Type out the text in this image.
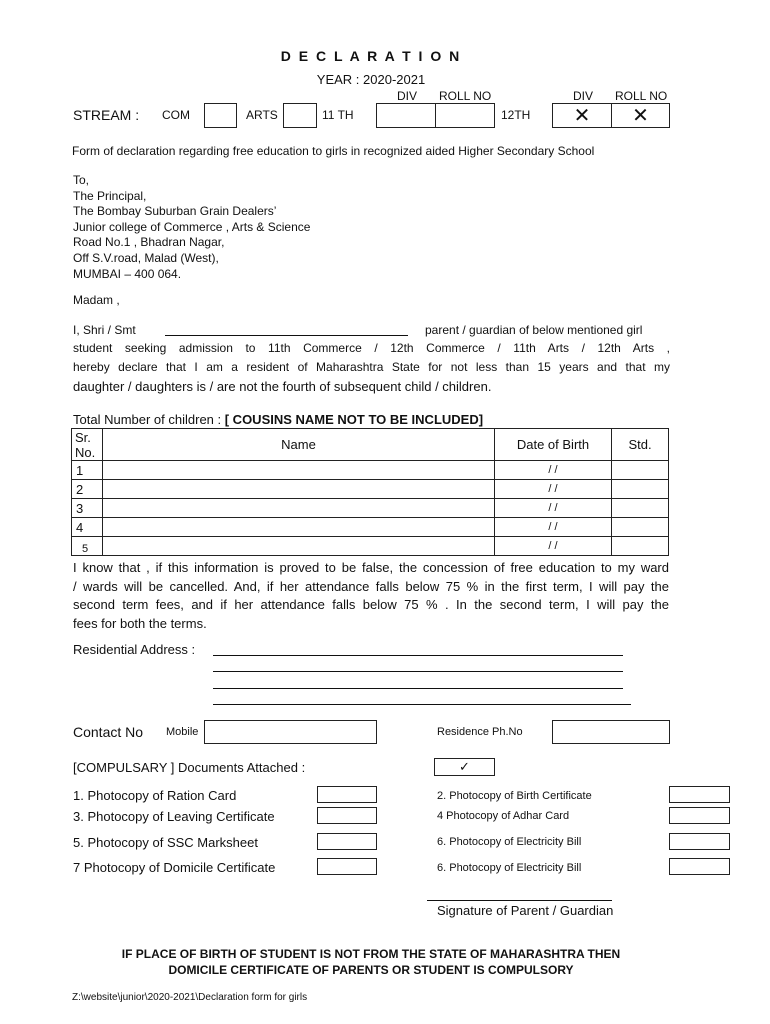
D E C L A R A T I O N
YEAR : 2020-2021
DIV ROLL NO	DIV ROLL NO
STREAM : COM	ARTS	11 TH	12TH ✕ ✕
Form of declaration regarding free education to girls in recognized aided Higher Secondary School
To,
The Principal,
The Bombay Suburban Grain Dealers’
Junior college of Commerce , Arts & Science
Road No.1 , Bhadran Nagar,
Off S.V.road, Malad (West),
MUMBAI – 400 064.
Madam ,
I, Shri / Smt	parent / guardian of below mentioned girl
student seeking admission to 11th Commerce / 12th Commerce / 11th Arts / 12th Arts ,
hereby declare that I am a resident of Maharashtra State for not less than 15 years and that my
daughter / daughters is / are not the fourth of subsequent child / children.
Total Number of children : [ COUSINS NAME NOT TO BE INCLUDED]
Sr.
No.	Name	Date of Birth	Std.
1		/ /	
2		/ /	
3		/ /	
4		/ /	
5		/ /	
I know that , if this information is proved to be false, the concession of free education to my ward
/ wards will be cancelled. And, if her attendance falls below 75 % in the first term, I will pay the
second term fees, and if her attendance falls below 75 % . In the second term, I will pay the
fees for both the terms.
Residential Address :
Contact No Mobile	Residence Ph.No
[COMPULSARY ] Documents Attached :	✓
1. Photocopy of Ration Card	2. Photocopy of Birth Certificate
3. Photocopy of Leaving Certificate	4 Photocopy of Adhar Card
5. Photocopy of SSC Marksheet	6. Photocopy of Electricity Bill
7 Photocopy of Domicile Certificate	6. Photocopy of Electricity Bill
Signature of Parent / Guardian
IF PLACE OF BIRTH OF STUDENT IS NOT FROM THE STATE OF MAHARASHTRA THEN
DOMICILE CERTIFICATE OF PARENTS OR STUDENT IS COMPULSORY
Z:\website\junior\2020-2021\Declaration form for girls
